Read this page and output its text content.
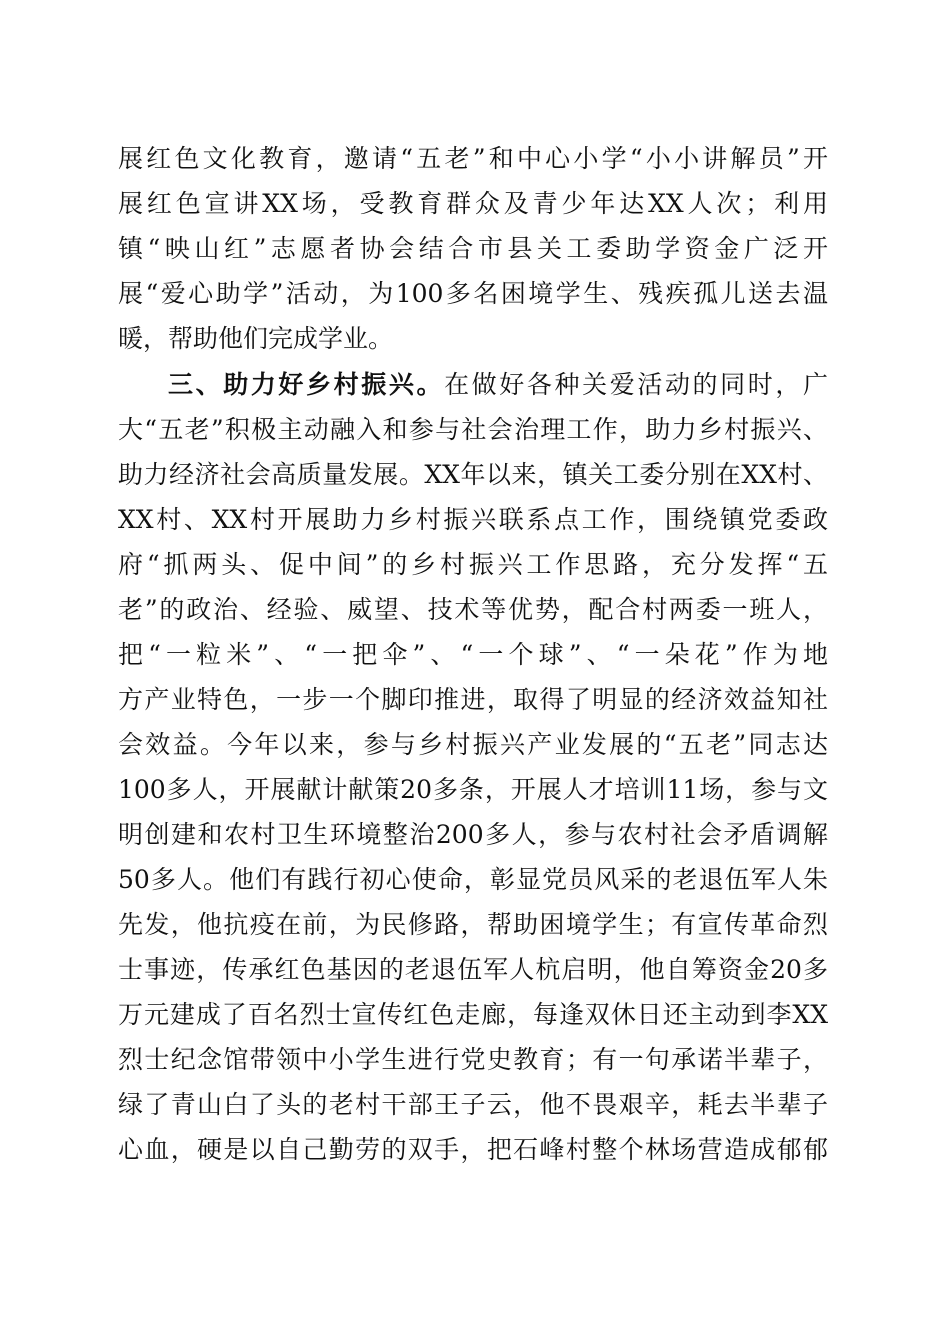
展红色文化教育，邀请“五老”和中心小学“小小讲解员”开
展红色宣讲XX场，受教育群众及青少年达XX人次；利用
镇“映山红”志愿者协会结合市县关工委助学资金广泛开
展“爱心助学”活动，为100多名困境学生、残疾孤儿送去温
暖，帮助他们完成学业。
三、助力好乡村振兴。在做好各种关爱活动的同时，广
大“五老”积极主动融入和参与社会治理工作，助力乡村振兴、
助力经济社会高质量发展。XX年以来，镇关工委分别在XX村、
XX村、XX村开展助力乡村振兴联系点工作，围绕镇党委政
府“抓两头、促中间”的乡村振兴工作思路，充分发挥“五
老”的政治、经验、威望、技术等优势，配合村两委一班人，
把“一粒米”、“一把伞”、“一个球”、“一朵花”作为地
方产业特色，一步一个脚印推进，取得了明显的经济效益知社
会效益。今年以来，参与乡村振兴产业发展的“五老”同志达
100多人，开展献计献策20多条，开展人才培训11场，参与文
明创建和农村卫生环境整治200多人，参与农村社会矛盾调解
50多人。他们有践行初心使命，彰显党员风采的老退伍军人朱
先发，他抗疫在前，为民修路，帮助困境学生；有宣传革命烈
士事迹，传承红色基因的老退伍军人杭启明，他自筹资金20多
万元建成了百名烈士宣传红色走廊，每逢双休日还主动到李XX
烈士纪念馆带领中小学生进行党史教育；有一句承诺半辈子，
绿了青山白了头的老村干部王子云，他不畏艰辛，耗去半辈子
心血，硬是以自己勤劳的双手，把石峰村整个林场营造成郁郁
